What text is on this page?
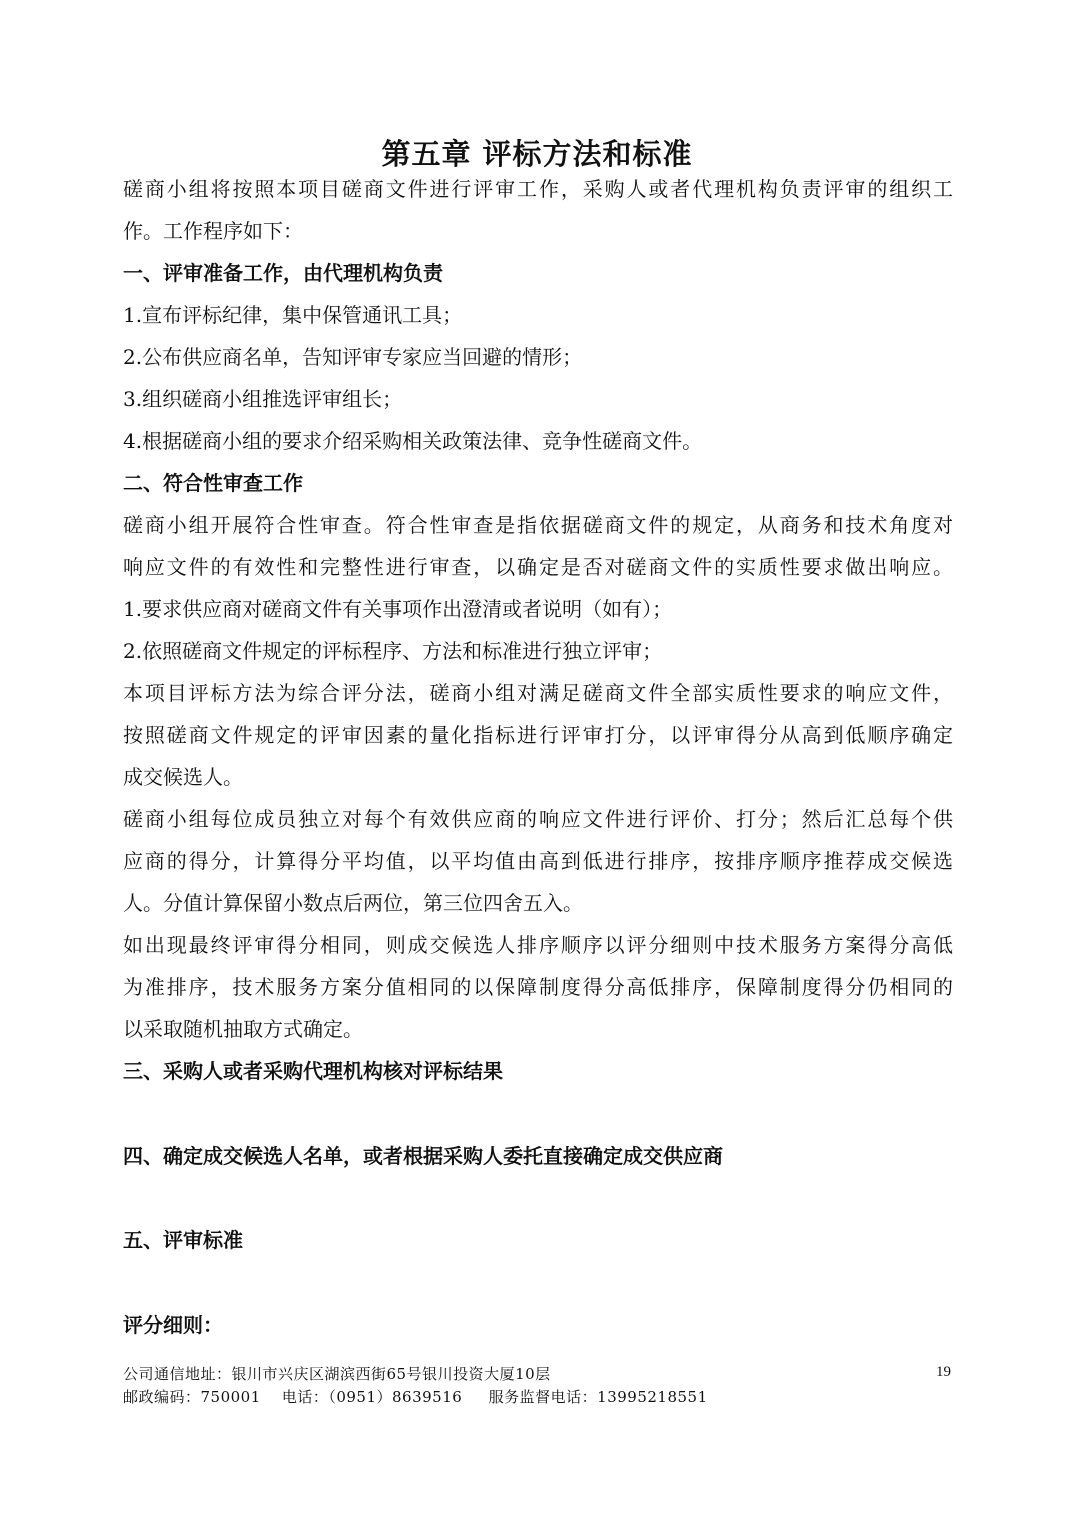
第五章 评标方法和标准
磋商小组将按照本项目磋商文件进行评审工作，采购人或者代理机构负责评审的组织工
作。工作程序如下：
一、评审准备工作，由代理机构负责
1.宣布评标纪律，集中保管通讯工具；
2.公布供应商名单，告知评审专家应当回避的情形；
3.组织磋商小组推选评审组长；
4.根据磋商小组的要求介绍采购相关政策法律、竞争性磋商文件。
二、符合性审查工作
磋商小组开展符合性审查。符合性审查是指依据磋商文件的规定，从商务和技术角度对
响应文件的有效性和完整性进行审查，以确定是否对磋商文件的实质性要求做出响应。
1.要求供应商对磋商文件有关事项作出澄清或者说明（如有）；
2.依照磋商文件规定的评标程序、方法和标准进行独立评审；
本项目评标方法为综合评分法，磋商小组对满足磋商文件全部实质性要求的响应文件，
按照磋商文件规定的评审因素的量化指标进行评审打分，以评审得分从高到低顺序确定
成交候选人。
磋商小组每位成员独立对每个有效供应商的响应文件进行评价、打分；然后汇总每个供
应商的得分，计算得分平均值，以平均值由高到低进行排序，按排序顺序推荐成交候选
人。分值计算保留小数点后两位，第三位四舍五入。
如出现最终评审得分相同，则成交候选人排序顺序以评分细则中技术服务方案得分高低
为准排序，技术服务方案分值相同的以保障制度得分高低排序，保障制度得分仍相同的
以采取随机抽取方式确定。
三、采购人或者采购代理机构核对评标结果
四、确定成交候选人名单，或者根据采购人委托直接确定成交供应商
五、评审标准
评分细则：
公司通信地址：银川市兴庆区湖滨西街65号银川投资大厦10层
邮政编码：750001    电话：（0951）8639516     服务监督电话：13995218551
19
